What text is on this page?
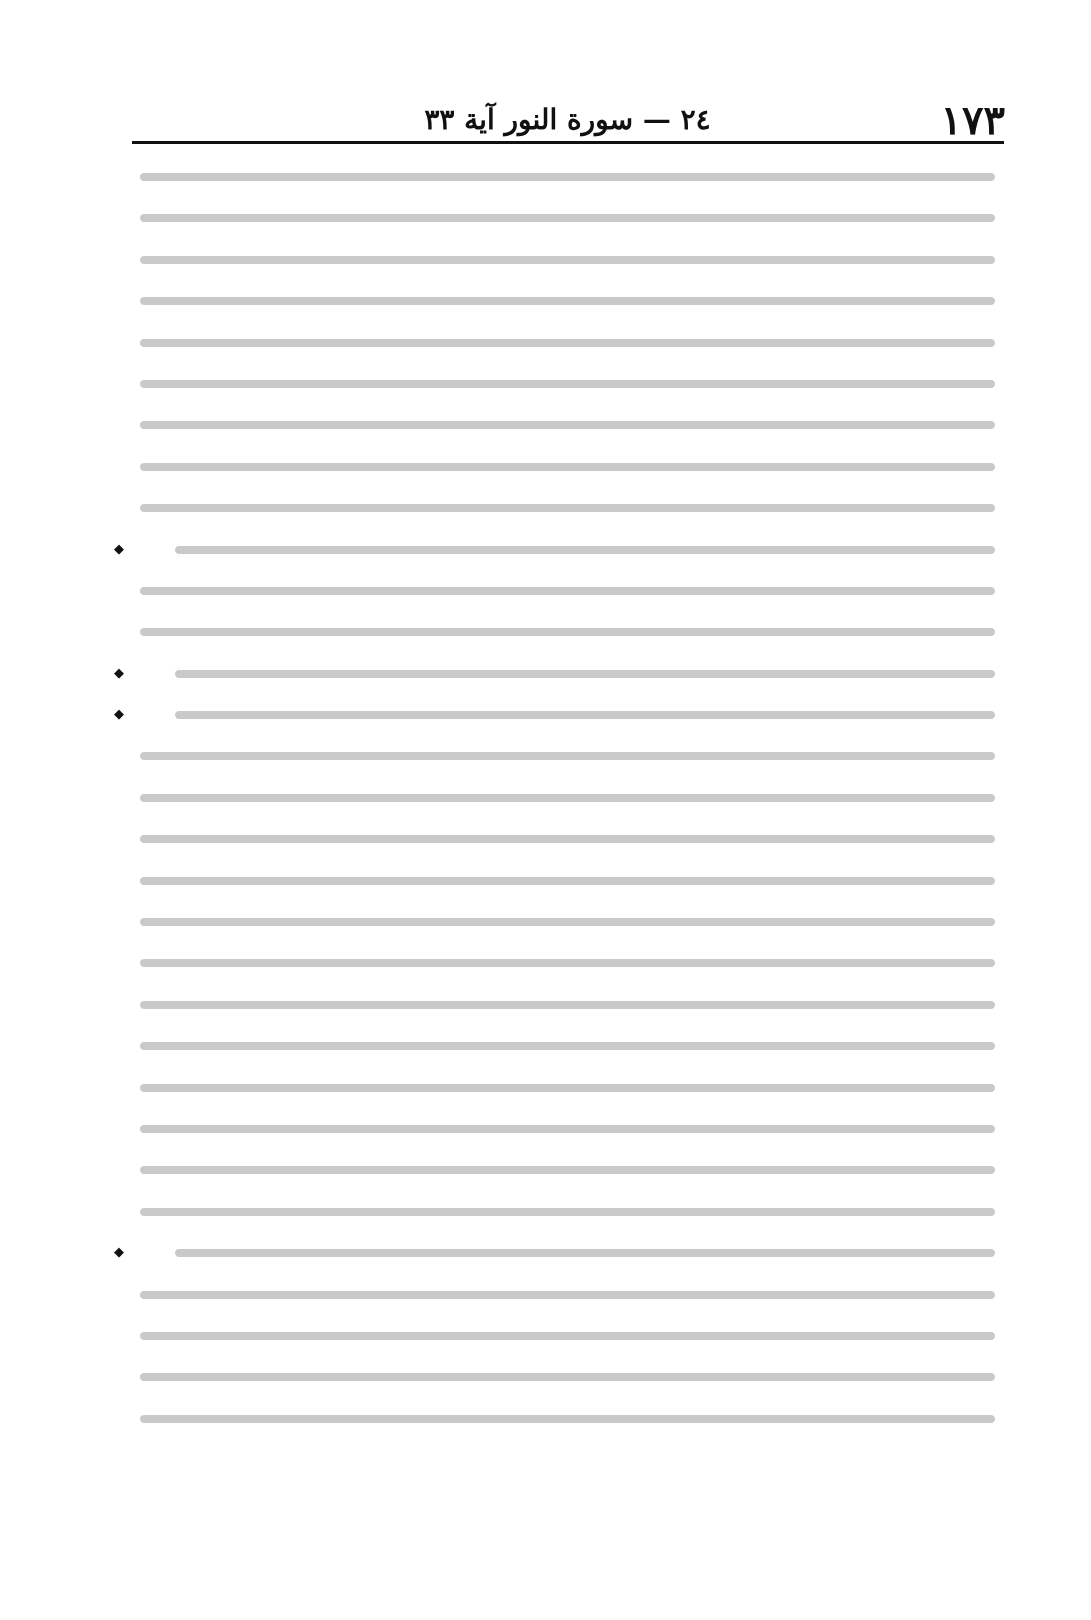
١٧٣
٢٤ — سورة النور آية ٣٣
◆
◆
◆
◆
